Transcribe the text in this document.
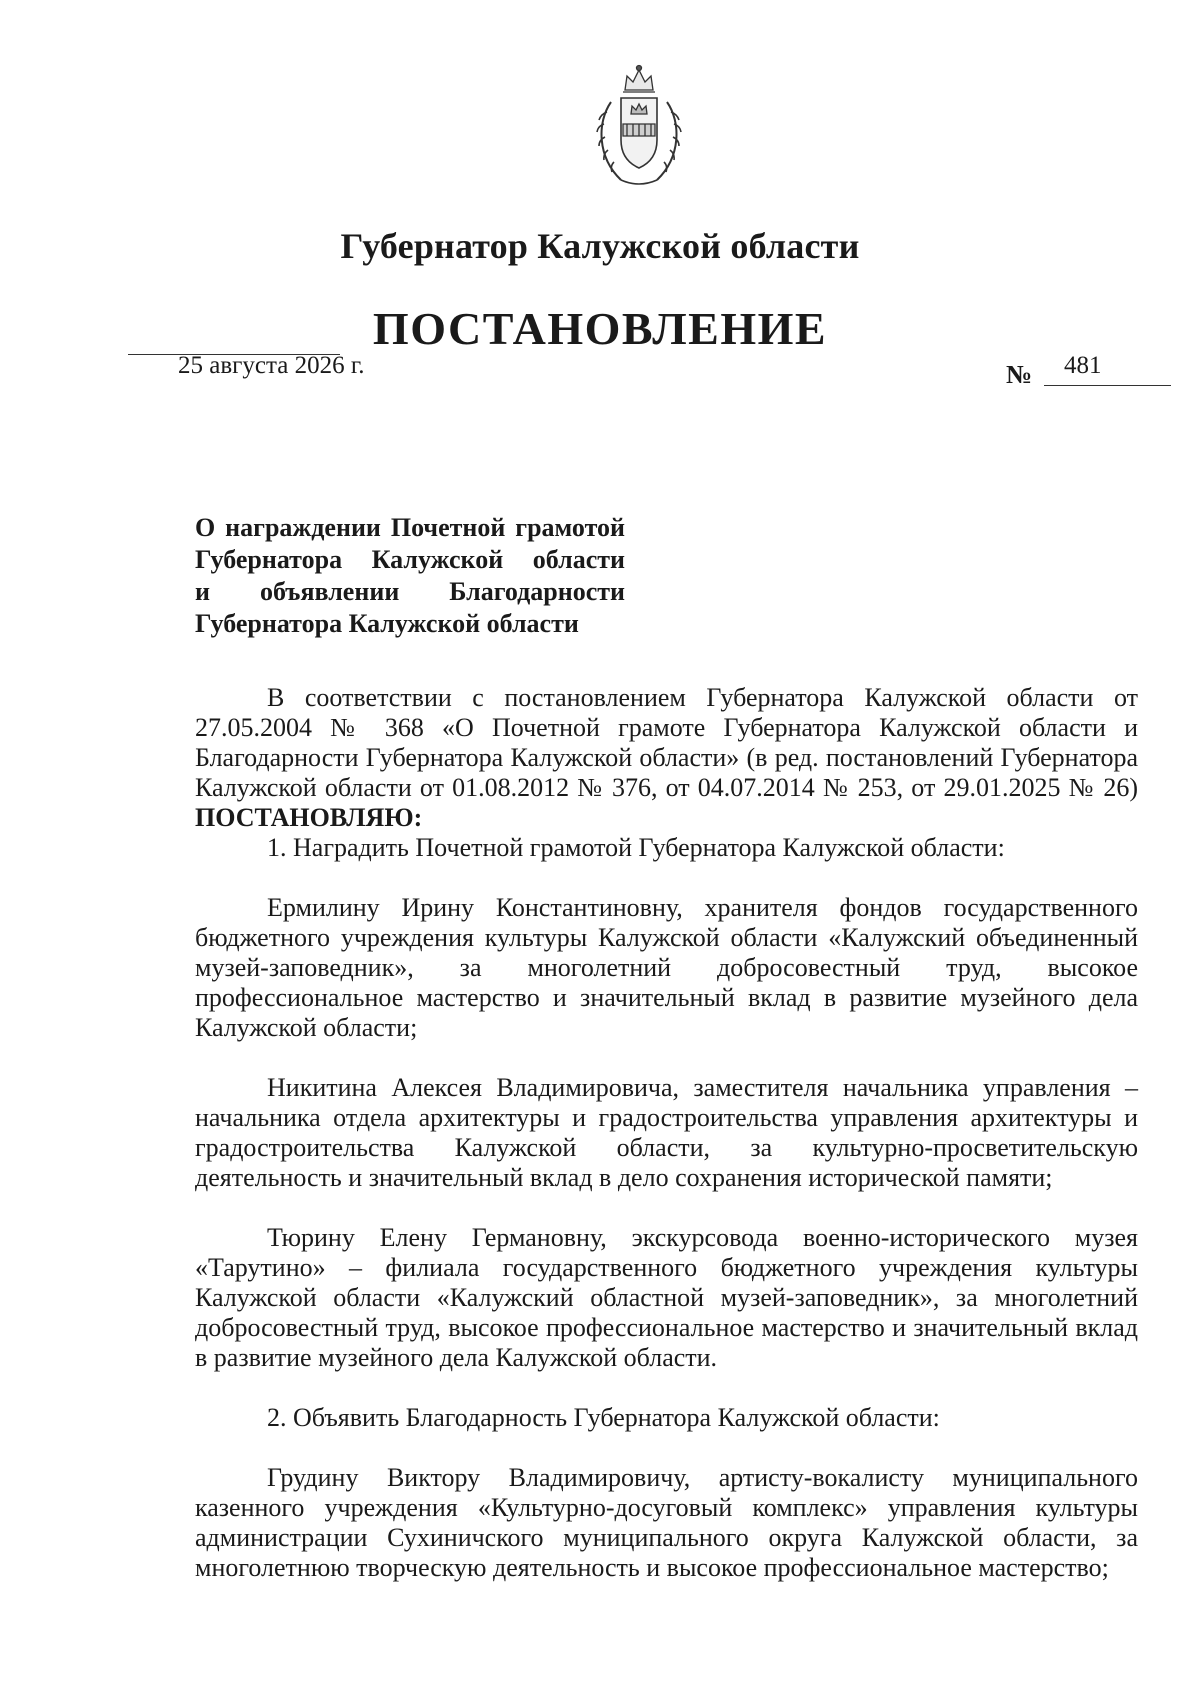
Губернатор Калужской области
ПОСТАНОВЛЕНИЕ
25 августа 2026 г.	№ 481
О награждении Почетной грамотой
Губернатора Калужской области
и объявлении Благодарности
Губернатора Калужской области

В соответствии с постановлением Губернатора Калужской области от 27.05.2004 № 368 «О Почетной грамоте Губернатора Калужской области и Благодарности Губернатора Калужской области» (в ред. постановлений Губернатора Калужской области от 01.08.2012 № 376, от 04.07.2014 № 253, от 29.01.2025 № 26) ПОСТАНОВЛЯЮ:

1. Наградить Почетной грамотой Губернатора Калужской области:

Ермилину Ирину Константиновну, хранителя фондов государственного бюджетного учреждения культуры Калужской области «Калужский объединенный музей-заповедник», за многолетний добросовестный труд, высокое профессиональное мастерство и значительный вклад в развитие музейного дела Калужской области;

Никитина Алексея Владимировича, заместителя начальника управления – начальника отдела архитектуры и градостроительства управления архитектуры и градостроительства Калужской области, за культурно-просветительскую деятельность и значительный вклад в дело сохранения исторической памяти;

Тюрину Елену Германовну, экскурсовода военно-исторического музея «Тарутино» – филиала государственного бюджетного учреждения культуры Калужской области «Калужский областной музей-заповедник», за многолетний добросовестный труд, высокое профессиональное мастерство и значительный вклад в развитие музейного дела Калужской области.

2. Объявить Благодарность Губернатора Калужской области:

Грудину Виктору Владимировичу, артисту-вокалисту муниципального казенного учреждения «Культурно-досуговый комплекс» управления культуры администрации Сухиничского муниципального округа Калужской области, за многолетнюю творческую деятельность и высокое профессиональное мастерство;
